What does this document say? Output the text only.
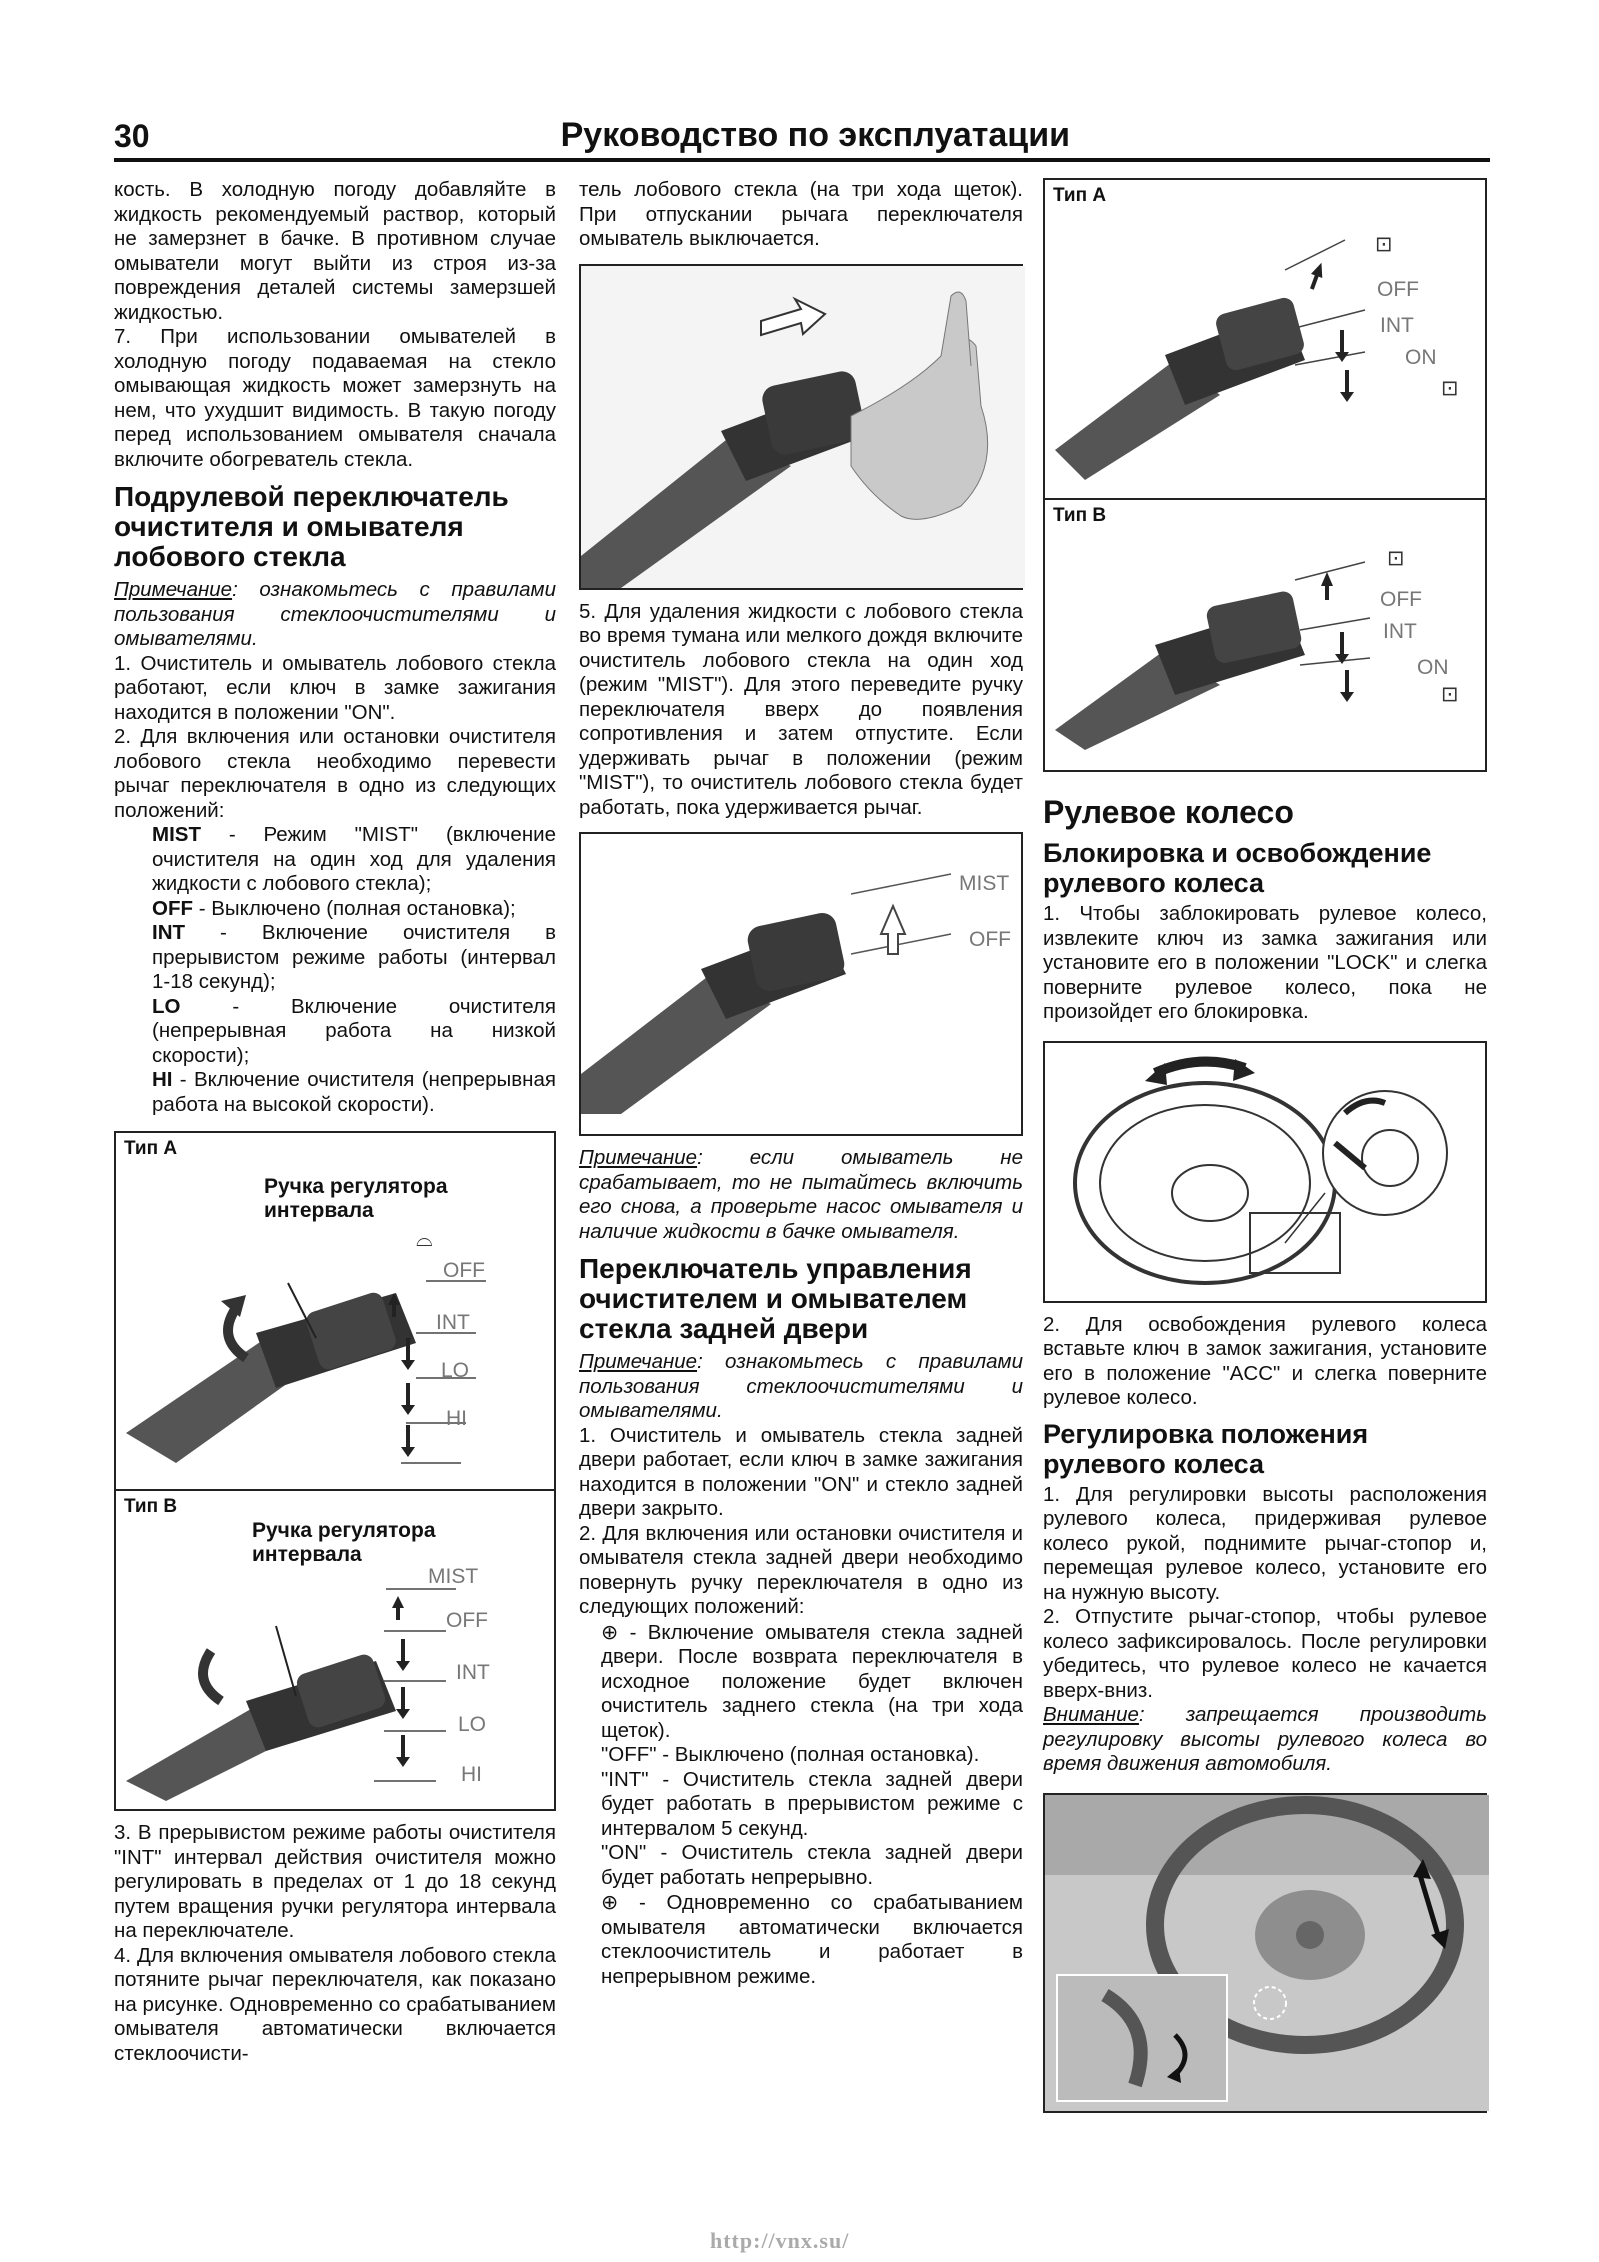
30	Руководство по эксплуатации

кость. В холодную погоду добавляйте в жидкость рекомендуемый раствор, который не замерзнет в бачке. В противном случае омыватели могут выйти из строя из-за повреждения деталей системы замерзшей жидкостью.

7. При использовании омывателей в холодную погоду подаваемая на стекло омывающая жидкость может замерзнуть на нем, что ухудшит видимость. В такую погоду перед использованием омывателя сначала включите обогреватель стекла.

Подрулевой переключатель очистителя и омывателя лобового стекла

Примечание: ознакомьтесь с правилами пользования стеклоочистителями и омывателями.

1. Очиститель и омыватель лобового стекла работают, если ключ в замке зажигания находится в положении "ON".

2. Для включения или остановки очистителя лобового стекла необходимо перевести рычаг переключателя в одно из следующих положений:

MIST - Режим "MIST" (включение очистителя на один ход для удаления жидкости с лобового стекла);

OFF - Выключено (полная остановка);

INT - Включение очистителя в прерывистом режиме работы (интервал 1-18 секунд);

LO - Включение очистителя (непрерывная работа на низкой скорости);

HI - Включение очистителя (непрерывная работа на высокой скорости).

Тип А
Ручка регулятора интервала
⌓
OFF
INT
LO
HI
Тип В
Ручка регулятора интервала
MIST
OFF
INT
LO
HI

3. В прерывистом режиме работы очистителя "INT" интервал действия очистителя можно регулировать в пределах от 1 до 18 секунд путем вращения ручки регулятора интервала на переключателе.

4. Для включения омывателя лобового стекла потяните рычаг переключателя, как показано на рисунке. Одновременно со срабатыванием омывателя автоматически включается стеклоочисти-

тель лобового стекла (на три хода щеток). При отпускании рычага переключателя омыватель выключается.

5. Для удаления жидкости с лобового стекла во время тумана или мелкого дождя включите очиститель лобового стекла на один ход (режим "MIST"). Для этого переведите ручку переключателя вверх до появления сопротивления и затем отпустите. Если удерживать рычаг в положении (режим "MIST"), то очиститель лобового стекла будет работать, пока удерживается рычаг.

MIST
OFF

Примечание: если омыватель не срабатывает, то не пытайтесь включить его снова, а проверьте насос омывателя и наличие жидкости в бачке омывателя.

Переключатель управления очистителем и омывателем стекла задней двери

Примечание: ознакомьтесь с правилами пользования стеклоочистителями и омывателями.

1. Очиститель и омыватель стекла задней двери работает, если ключ в замке зажигания находится в положении "ON" и стекло задней двери закрыто.

2. Для включения или остановки очистителя и омывателя стекла задней двери необходимо повернуть ручку переключателя в одно из следующих положений:

⊕ - Включение омывателя стекла задней двери. После возврата переключателя в исходное положение будет включен очиститель заднего стекла (на три хода щеток).

"OFF" - Выключено (полная остановка).

"INT" - Очиститель стекла задней двери будет работать в прерывистом режиме с интервалом 5 секунд.

"ON" - Очиститель стекла задней двери будет работать непрерывно.

⊕ - Одновременно со срабатыванием омывателя автоматически включается стеклоочиститель и работает в непрерывном режиме.

Тип А
⊡
OFF
INT
ON
⊡
Тип В
⊡
OFF
INT
ON
⊡
Рулевое колесо
Блокировка и освобождение рулевого колеса

1. Чтобы заблокировать рулевое колесо, извлеките ключ из замка зажигания или установите его в положении "LOCK" и слегка поверните рулевое колесо, пока не произойдет его блокировка.

2. Для освобождения рулевого колеса вставьте ключ в замок зажигания, установите его в положение "ACC" и слегка поверните рулевое колесо.

Регулировка положения рулевого колеса

1. Для регулировки высоты расположения рулевого колеса, придерживая рулевое колесо рукой, поднимите рычаг-стопор и, перемещая рулевое колесо, установите его на нужную высоту.

2. Отпустите рычаг-стопор, чтобы рулевое колесо зафиксировалось. После регулировки убедитесь, что рулевое колесо не качается вверх-вниз.

Внимание: запрещается производить регулировку высоты рулевого колеса во время движения автомобиля.

http://vnx.su/
